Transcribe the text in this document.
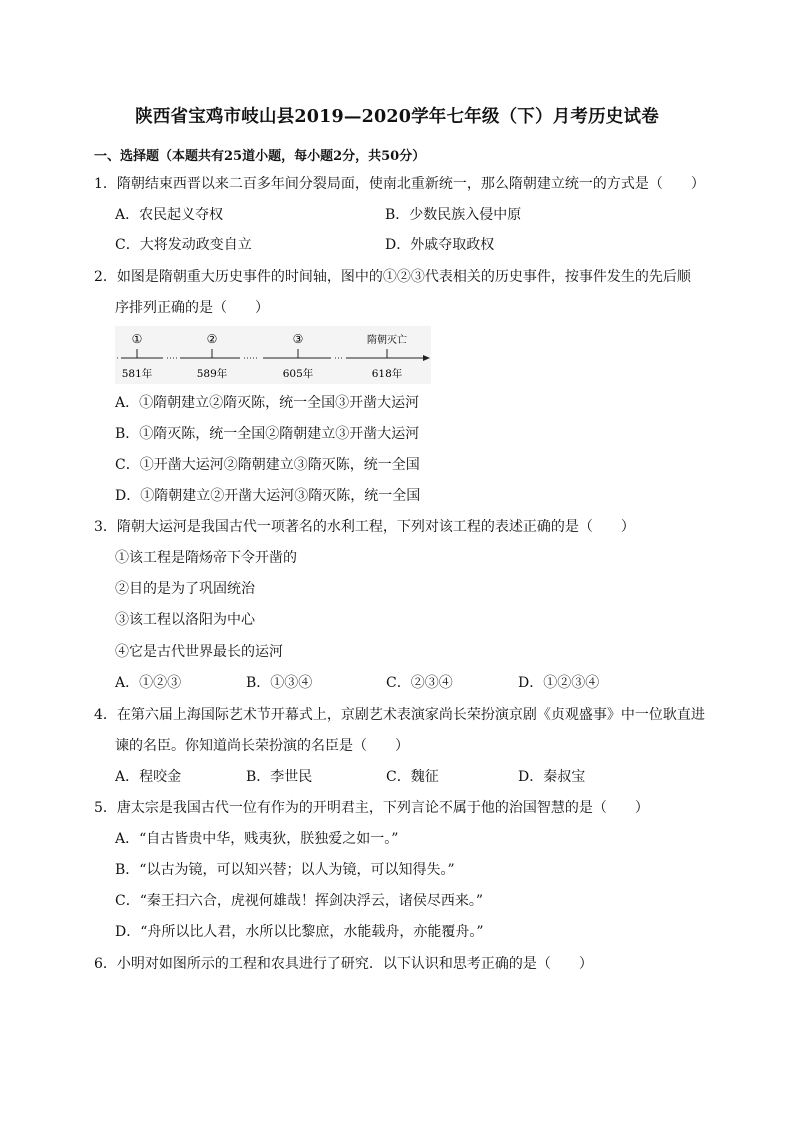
陕西省宝鸡市岐山县2019—2020学年七年级（下）月考历史试卷
一、选择题（本题共有25道小题，每小题2分，共50分）
1．隋朝结束西晋以来二百多年间分裂局面，使南北重新统一，那么隋朝建立统一的方式是（　　）
A．农民起义夺权	B．少数民族入侵中原
C．大将发动政变自立	D．外戚夺取政权
2．如图是隋朝重大历史事件的时间轴，图中的①②③代表相关的历史事件，按事件发生的先后顺
序排列正确的是（　　）
①	②	③	隋朝灭亡
581年	589年	605年	618年
A．①隋朝建立②隋灭陈，统一全国③开凿大运河
B．①隋灭陈，统一全国②隋朝建立③开凿大运河
C．①开凿大运河②隋朝建立③隋灭陈，统一全国
D．①隋朝建立②开凿大运河③隋灭陈，统一全国
3．隋朝大运河是我国古代一项著名的水利工程，下列对该工程的表述正确的是（　　）
①该工程是隋炀帝下令开凿的
②目的是为了巩固统治
③该工程以洛阳为中心
④它是古代世界最长的运河
A．①②③	B．①③④	C．②③④	D．①②③④
4．在第六届上海国际艺术节开幕式上，京剧艺术表演家尚长荣扮演京剧《贞观盛事》中一位耿直进
谏的名臣。你知道尚长荣扮演的名臣是（　　）
A．程咬金	B．李世民	C．魏征	D．秦叔宝
5．唐太宗是我国古代一位有作为的开明君主，下列言论不属于他的治国智慧的是（　　）
A．“自古皆贵中华，贱夷狄，朕独爱之如一。”
B．“以古为镜，可以知兴替；以人为镜，可以知得失。”
C．“秦王扫六合，虎视何雄哉！挥剑决浮云，诸侯尽西来。”
D．“舟所以比人君，水所以比黎庶，水能载舟，亦能覆舟。”
6．小明对如图所示的工程和农具进行了研究．以下认识和思考正确的是（　　）
